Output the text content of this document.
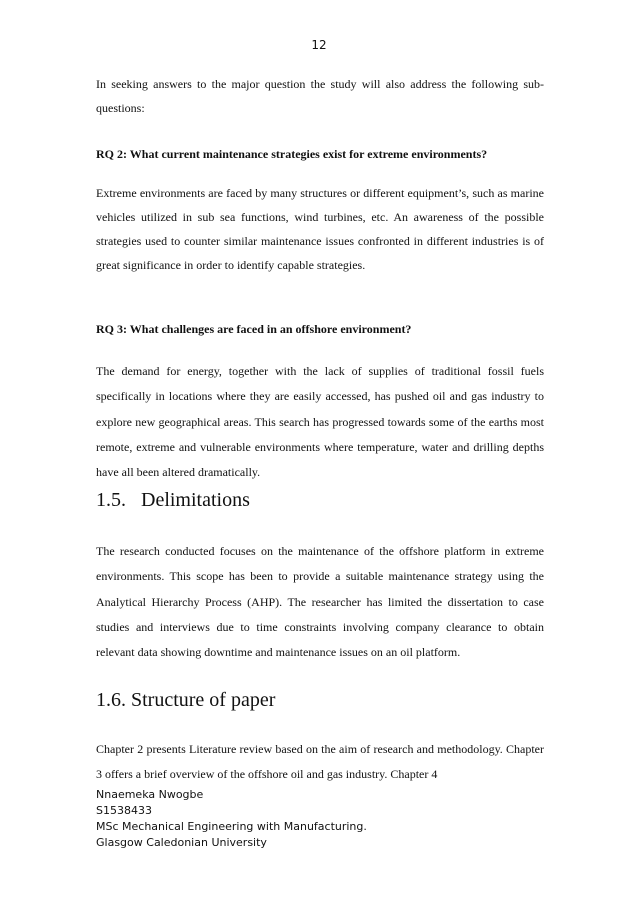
12

In seeking answers to the major question the study will also address the following sub-questions:

RQ 2: What current maintenance strategies exist for extreme environments?

Extreme environments are faced by many structures or different equipment’s, such as marine vehicles utilized in sub sea functions, wind turbines, etc. An awareness of the possible strategies used to counter similar maintenance issues confronted in different industries is of great significance in order to identify capable strategies.

RQ 3: What challenges are faced in an offshore environment?

The demand for energy, together with the lack of supplies of traditional fossil fuels specifically in locations where they are easily accessed, has pushed oil and gas industry to explore new geographical areas. This search has progressed towards some of the earths most remote, extreme and vulnerable environments where temperature, water and drilling depths have all been altered dramatically.

1.5.   Delimitations

The research conducted focuses on the maintenance of the offshore platform in extreme environments. This scope has been to provide a suitable maintenance strategy using the Analytical Hierarchy Process (AHP). The researcher has limited the dissertation to case studies and interviews due to time constraints involving company clearance to obtain relevant data showing downtime and maintenance issues on an oil platform.

1.6. Structure of paper

Chapter 2 presents Literature review based on the aim of research and methodology. Chapter 3 offers a brief overview of the offshore oil and gas industry. Chapter 4

Nnaemeka Nwogbe
S1538433
MSc Mechanical Engineering with Manufacturing.
Glasgow Caledonian University
